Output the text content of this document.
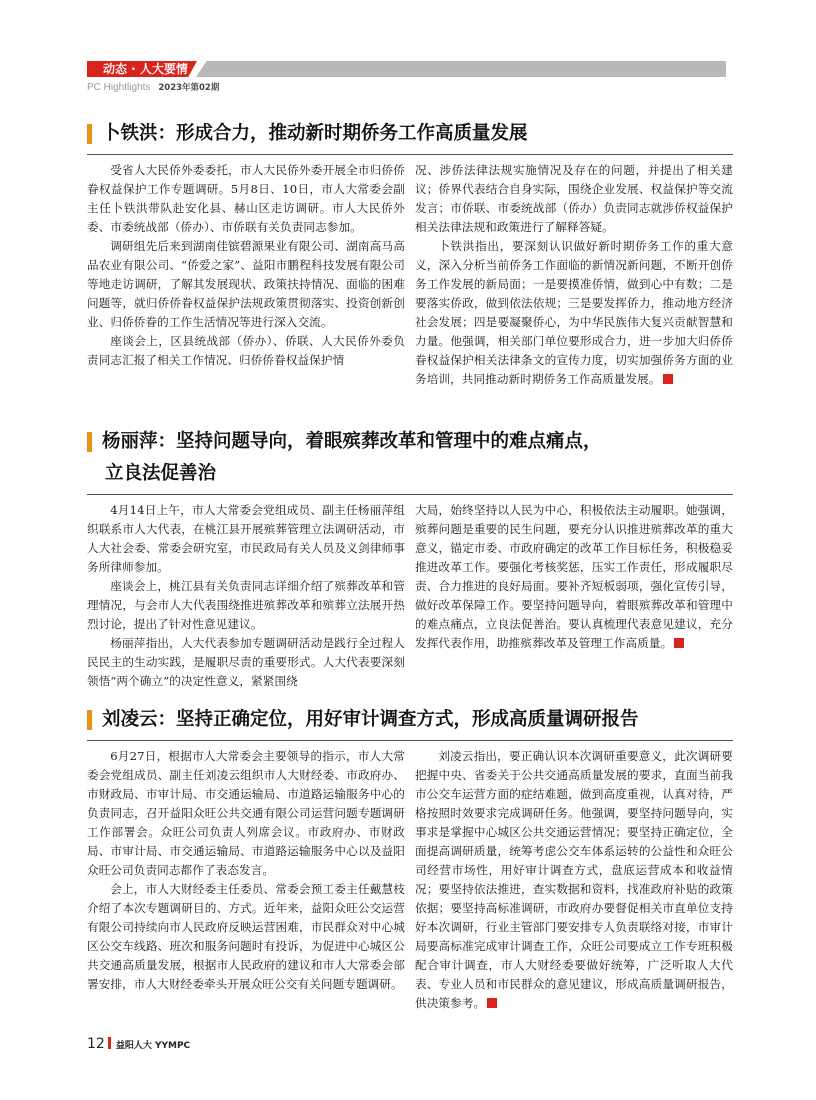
动态 · 人大要情
PC Hightlights 2023年第02期
卜铁洪：形成合力，推动新时期侨务工作高质量发展

受省人大民侨外委委托，市人大民侨外委开展全市归侨侨眷权益保护工作专题调研。5月8日、10日，市人大常委会副主任卜铁洪带队赴安化县、赫山区走访调研。市人大民侨外委、市委统战部（侨办）、市侨联有关负责同志参加。

调研组先后来到湖南佳镔碧源果业有限公司、湖南高马高品农业有限公司、“侨爱之家”、益阳市鹏程科技发展有限公司等地走访调研，了解其发展现状、政策扶持情况、面临的困难问题等，就归侨侨眷权益保护法规政策贯彻落实、投资创新创业、归侨侨眷的工作生活情况等进行深入交流。

座谈会上，区县统战部（侨办）、侨联、人大民侨外委负责同志汇报了相关工作情况、归侨侨眷权益保护情

况、涉侨法律法规实施情况及存在的问题，并提出了相关建议；侨界代表结合自身实际，围绕企业发展、权益保护等交流发言；市侨联、市委统战部（侨办）负责同志就涉侨权益保护相关法律法规和政策进行了解释答疑。

卜铁洪指出，要深刻认识做好新时期侨务工作的重大意义，深入分析当前侨务工作面临的新情况新问题，不断开创侨务工作发展的新局面；一是要摸准侨情，做到心中有数；二是要落实侨政，做到依法依规；三是要发挥侨力，推动地方经济社会发展；四是要凝聚侨心，为中华民族伟大复兴贡献智慧和力量。他强调，相关部门单位要形成合力，进一步加大归侨侨眷权益保护相关法律条文的宣传力度，切实加强侨务方面的业务培训，共同推动新时期侨务工作高质量发展。

杨丽萍：坚持问题导向，着眼殡葬改革和管理中的难点痛点，
立良法促善治

4月14日上午，市人大常委会党组成员、副主任杨丽萍组织联系市人大代表，在桃江县开展殡葬管理立法调研活动，市人大社会委、常委会研究室，市民政局有关人员及义剑律师事务所律师参加。

座谈会上，桃江县有关负责同志详细介绍了殡葬改革和管理情况，与会市人大代表围绕推进殡葬改革和殡葬立法展开热烈讨论，提出了针对性意见建议。

杨丽萍指出，人大代表参加专题调研活动是践行全过程人民民主的生动实践，是履职尽责的重要形式。人大代表要深刻领悟“两个确立”的决定性意义，紧紧围绕

大局，始终坚持以人民为中心，积极依法主动履职。她强调，殡葬问题是重要的民生问题，要充分认识推进殡葬改革的重大意义，锚定市委、市政府确定的改革工作目标任务，积极稳妥推进改革工作。要强化考核奖惩，压实工作责任，形成履职尽责、合力推进的良好局面。要补齐短板弱项，强化宣传引导，做好改革保障工作。要坚持问题导向，着眼殡葬改革和管理中的难点痛点，立良法促善治。要认真梳理代表意见建议，充分发挥代表作用，助推殡葬改革及管理工作高质量。

刘凌云：坚持正确定位，用好审计调查方式，形成高质量调研报告

6月27日，根据市人大常委会主要领导的指示，市人大常委会党组成员、副主任刘凌云组织市人大财经委、市政府办、市财政局、市审计局、市交通运输局、市道路运输服务中心的负责同志，召开益阳众旺公共交通有限公司运营问题专题调研工作部署会。众旺公司负责人列席会议。市政府办、市财政局、市审计局、市交通运输局、市道路运输服务中心以及益阳众旺公司负责同志都作了表态发言。

会上，市人大财经委主任委员、常委会预工委主任戴慧枝介绍了本次专题调研目的、方式。近年来，益阳众旺公交运营有限公司持续向市人民政府反映运营困难，市民群众对中心城区公交车线路、班次和服务问题时有投诉，为促进中心城区公共交通高质量发展，根据市人民政府的建议和市人大常委会部署安排，市人大财经委牵头开展众旺公交有关问题专题调研。

刘凌云指出，要正确认识本次调研重要意义，此次调研要把握中央、省委关于公共交通高质量发展的要求，直面当前我市公交车运营方面的症结难题，做到高度重视，认真对待，严格按照时效要求完成调研任务。他强调，要坚持问题导向，实事求是掌握中心城区公共交通运营情况；要坚持正确定位，全面提高调研质量，统筹考虑公交车体系运转的公益性和众旺公司经营市场性，用好审计调查方式，盘底运营成本和收益情况；要坚持依法推进，查实数据和资料，找准政府补贴的政策依据；要坚持高标准调研，市政府办要督促相关市直单位支持好本次调研，行业主管部门要安排专人负责联络对接，市审计局要高标准完成审计调查工作，众旺公司要成立工作专班积极配合审计调查，市人大财经委要做好统筹，广泛听取人大代表、专业人员和市民群众的意见建议，形成高质量调研报告，供决策参考。

12 益阳人大 YYMPC
